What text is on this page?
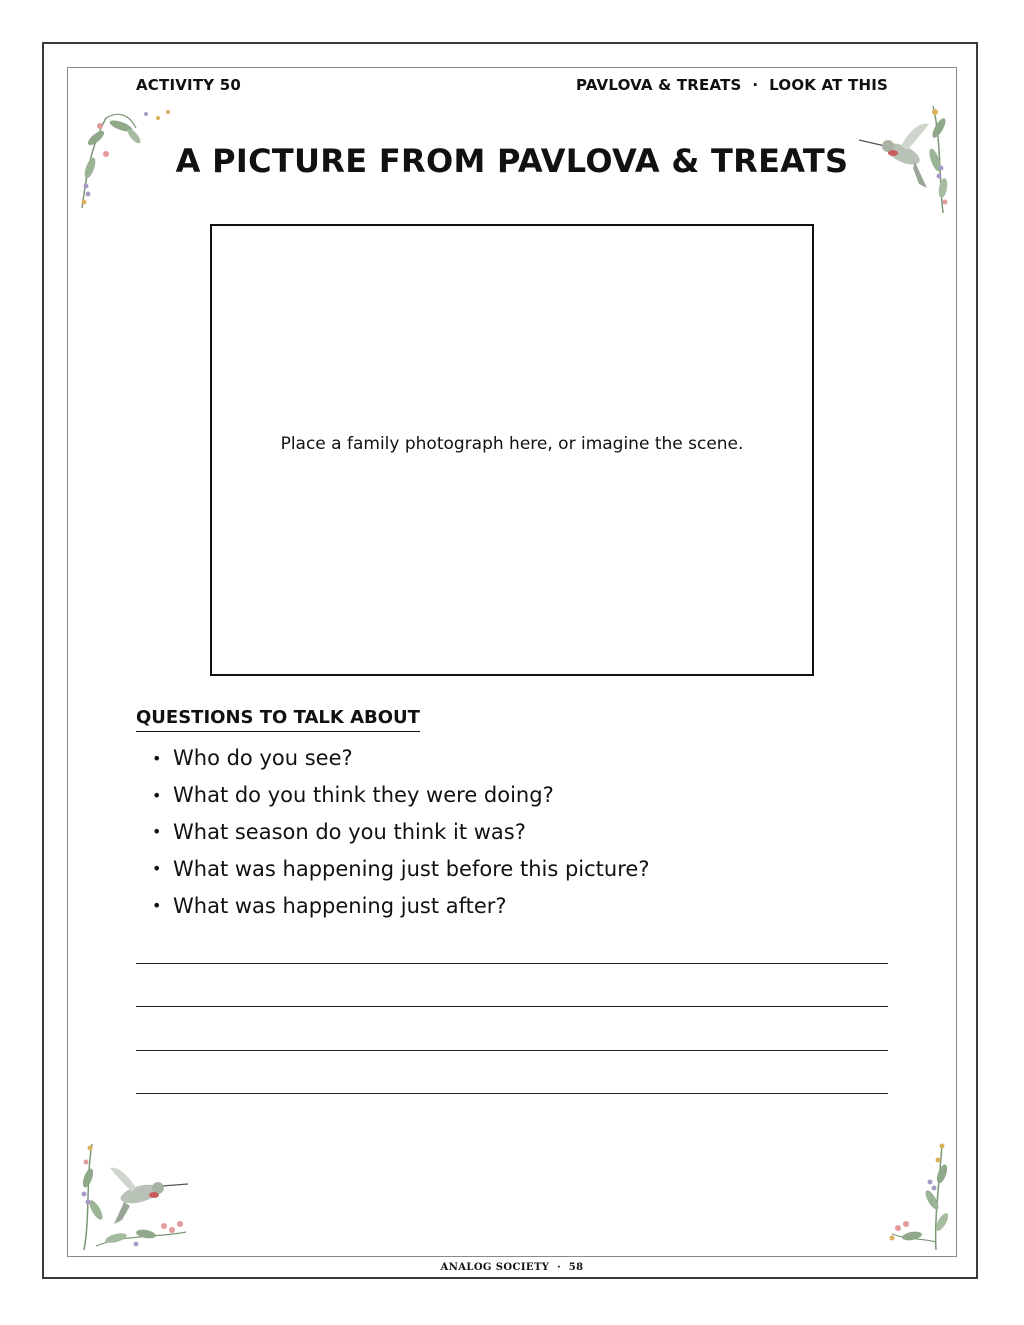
ACTIVITY 50	PAVLOVA & TREATS  ·  LOOK AT THIS
A PICTURE FROM PAVLOVA & TREATS
Place a family photograph here, or imagine the scene.
QUESTIONS TO TALK ABOUT
• Who do you see?
• What do you think they were doing?
• What season do you think it was?
• What was happening just before this picture?
• What was happening just after?
ANALOG SOCIETY  ·  58
